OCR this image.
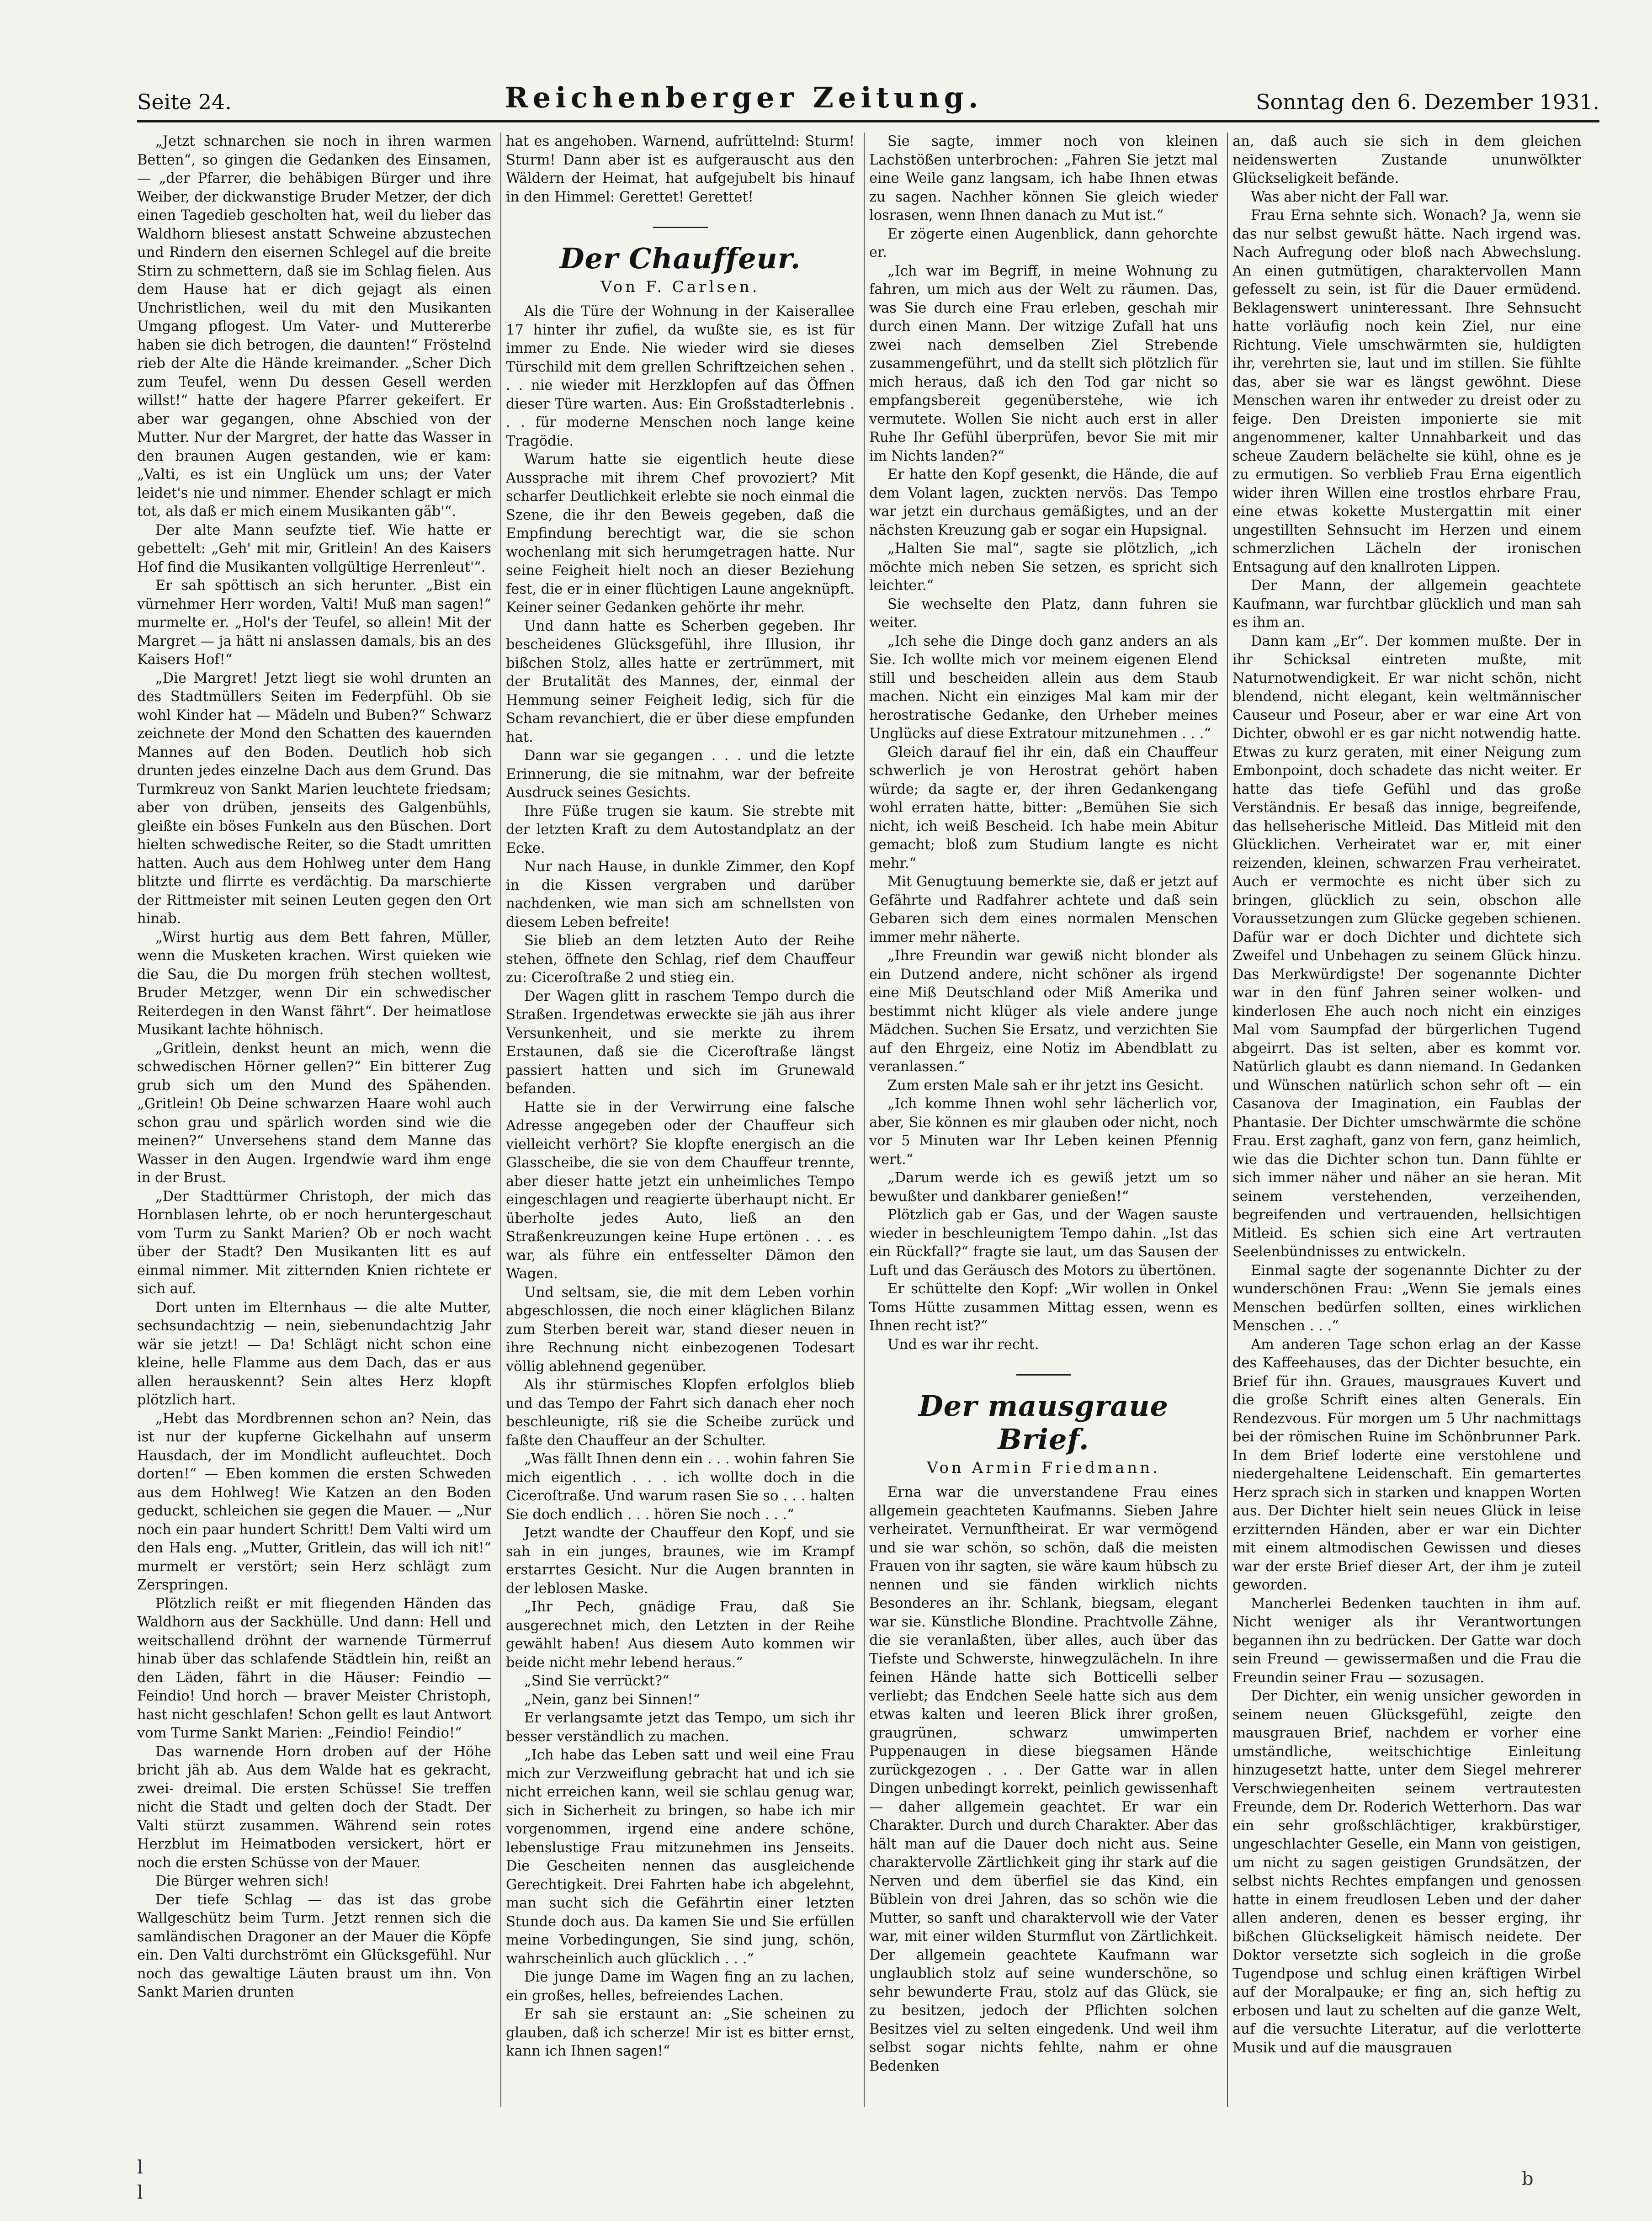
Seite 24.	Reichenberger Zeitung.	Sonntag den 6. Dezember 1931.

„Jetzt schnarchen sie noch in ihren warmen Betten“, so gingen die Gedanken des Einsamen, — „der Pfarrer, die behäbigen Bürger und ihre Weiber, der dickwanstige Bruder Metzer, der dich einen Tagedieb gescholten hat, weil du lieber das Waldhorn bliesest anstatt Schweine abzustechen und Rindern den eisernen Schlegel auf die breite Stirn zu schmettern, daß sie im Schlag fielen. Aus dem Hause hat er dich gejagt als einen Unchristlichen, weil du mit den Musikanten Umgang pflogest. Um Vater- und Muttererbe haben sie dich betrogen, die daunten!“ Fröstelnd rieb der Alte die Hände kreimander. „Scher Dich zum Teufel, wenn Du dessen Gesell werden willst!“ hatte der hagere Pfarrer gekeifert. Er aber war gegangen, ohne Abschied von der Mutter. Nur der Margret, der hatte das Wasser in den braunen Augen gestanden, wie er kam: „Valti, es ist ein Unglück um uns; der Vater leidet's nie und nimmer. Ehender schlagt er mich tot, als daß er mich einem Musikanten gäb'“.

Der alte Mann seufzte tief. Wie hatte er gebettelt: „Geh' mit mir, Gritlein! An des Kaisers Hof find die Musikanten vollgültige Herrenleut'“.

Er sah spöttisch an sich herunter. „Bist ein vürnehmer Herr worden, Valti! Muß man sagen!“ murmelte er. „Hol's der Teufel, so allein! Mit der Margret — ja hätt ni anslassen damals, bis an des Kaisers Hof!“

„Die Margret! Jetzt liegt sie wohl drunten an des Stadtmüllers Seiten im Federpfühl. Ob sie wohl Kinder hat — Mädeln und Buben?“ Schwarz zeichnete der Mond den Schatten des kauernden Mannes auf den Boden. Deutlich hob sich drunten jedes einzelne Dach aus dem Grund. Das Turmkreuz von Sankt Marien leuchtete friedsam; aber von drüben, jenseits des Galgenbühls, gleißte ein böses Funkeln aus den Büschen. Dort hielten schwedische Reiter, so die Stadt umritten hatten. Auch aus dem Hohlweg unter dem Hang blitzte und flirrte es verdächtig. Da marschierte der Rittmeister mit seinen Leuten gegen den Ort hinab.

„Wirst hurtig aus dem Bett fahren, Müller, wenn die Musketen krachen. Wirst quieken wie die Sau, die Du morgen früh stechen wolltest, Bruder Metzger, wenn Dir ein schwedischer Reiterdegen in den Wanst fährt“. Der heimatlose Musikant lachte höhnisch.

„Gritlein, denkst heunt an mich, wenn die schwedischen Hörner gellen?“ Ein bitterer Zug grub sich um den Mund des Spähenden. „Gritlein! Ob Deine schwarzen Haare wohl auch schon grau und spärlich worden sind wie die meinen?“ Unversehens stand dem Manne das Wasser in den Augen. Irgendwie ward ihm enge in der Brust.

„Der Stadttürmer Christoph, der mich das Hornblasen lehrte, ob er noch heruntergeschaut vom Turm zu Sankt Marien? Ob er noch wacht über der Stadt? Den Musikanten litt es auf einmal nimmer. Mit zitternden Knien richtete er sich auf.

Dort unten im Elternhaus — die alte Mutter, sechsundachtzig — nein, siebenundachtzig Jahr wär sie jetzt! — Da! Schlägt nicht schon eine kleine, helle Flamme aus dem Dach, das er aus allen herauskennt? Sein altes Herz klopft plötzlich hart.

„Hebt das Mordbrennen schon an? Nein, das ist nur der kupferne Gickelhahn auf unserm Hausdach, der im Mondlicht aufleuchtet. Doch dorten!“ — Eben kommen die ersten Schweden aus dem Hohlweg! Wie Katzen an den Boden geduckt, schleichen sie gegen die Mauer. — „Nur noch ein paar hundert Schritt! Dem Valti wird um den Hals eng. „Mutter, Gritlein, das will ich nit!“ murmelt er verstört; sein Herz schlägt zum Zerspringen.

Plötzlich reißt er mit fliegenden Händen das Waldhorn aus der Sackhülle. Und dann: Hell und weitschallend dröhnt der warnende Türmerruf hinab über das schlafende Städtlein hin, reißt an den Läden, fährt in die Häuser: Feindio — Feindio! Und horch — braver Meister Christoph, hast nicht geschlafen! Schon gellt es laut Antwort vom Turme Sankt Marien: „Feindio! Feindio!“

Das warnende Horn droben auf der Höhe bricht jäh ab. Aus dem Walde hat es gekracht, zwei- dreimal. Die ersten Schüsse! Sie treffen nicht die Stadt und gelten doch der Stadt. Der Valti stürzt zusammen. Während sein rotes Herzblut im Heimatboden versickert, hört er noch die ersten Schüsse von der Mauer.

Die Bürger wehren sich!

Der tiefe Schlag — das ist das grobe Wallgeschütz beim Turm. Jetzt rennen sich die samländischen Dragoner an der Mauer die Köpfe ein. Den Valti durchströmt ein Glücksgefühl. Nur noch das gewaltige Läuten braust um ihn. Von Sankt Marien drunten

hat es angehoben. Warnend, aufrüttelnd: Sturm! Sturm! Dann aber ist es aufgerauscht aus den Wäldern der Heimat, hat aufgejubelt bis hinauf in den Himmel: Gerettet! Gerettet!

Der Chauffeur.
Von F. Carlsen.

Als die Türe der Wohnung in der Kaiserallee 17 hinter ihr zufiel, da wußte sie, es ist für immer zu Ende. Nie wieder wird sie dieses Türschild mit dem grellen Schriftzeichen sehen . . . nie wieder mit Herzklopfen auf das Öffnen dieser Türe warten. Aus: Ein Großstadterlebnis . . . für moderne Menschen noch lange keine Tragödie.

Warum hatte sie eigentlich heute diese Aussprache mit ihrem Chef provoziert? Mit scharfer Deutlichkeit erlebte sie noch einmal die Szene, die ihr den Beweis gegeben, daß die Empfindung berechtigt war, die sie schon wochenlang mit sich herumgetragen hatte. Nur seine Feigheit hielt noch an dieser Beziehung fest, die er in einer flüchtigen Laune angeknüpft. Keiner seiner Gedanken gehörte ihr mehr.

Und dann hatte es Scherben gegeben. Ihr bescheidenes Glücksgefühl, ihre Illusion, ihr bißchen Stolz, alles hatte er zertrümmert, mit der Brutalität des Mannes, der, einmal der Hemmung seiner Feigheit ledig, sich für die Scham revanchiert, die er über diese empfunden hat.

Dann war sie gegangen . . . und die letzte Erinnerung, die sie mitnahm, war der befreite Ausdruck seines Gesichts.

Ihre Füße trugen sie kaum. Sie strebte mit der letzten Kraft zu dem Autostandplatz an der Ecke.

Nur nach Hause, in dunkle Zimmer, den Kopf in die Kissen vergraben und darüber nachdenken, wie man sich am schnellsten von diesem Leben befreite!

Sie blieb an dem letzten Auto der Reihe stehen, öffnete den Schlag, rief dem Chauffeur zu: Ciceroſtraße 2 und stieg ein.

Der Wagen glitt in raschem Tempo durch die Straßen. Irgendetwas erweckte sie jäh aus ihrer Versunkenheit, und sie merkte zu ihrem Erstaunen, daß sie die Ciceroſtraße längst passiert hatten und sich im Grunewald befanden.

Hatte sie in der Verwirrung eine falsche Adresse angegeben oder der Chauffeur sich vielleicht verhört? Sie klopfte energisch an die Glasscheibe, die sie von dem Chauffeur trennte, aber dieser hatte jetzt ein unheimliches Tempo eingeschlagen und reagierte überhaupt nicht. Er überholte jedes Auto, ließ an den Straßenkreuzungen keine Hupe ertönen . . . es war, als führe ein entfesselter Dämon den Wagen.

Und seltsam, sie, die mit dem Leben vorhin abgeschlossen, die noch einer kläglichen Bilanz zum Sterben bereit war, stand dieser neuen in ihre Rechnung nicht einbezogenen Todesart völlig ablehnend gegenüber.

Als ihr stürmisches Klopfen erfolglos blieb und das Tempo der Fahrt sich danach eher noch beschleunigte, riß sie die Scheibe zurück und faßte den Chauffeur an der Schulter.

„Was fällt Ihnen denn ein . . . wohin fahren Sie mich eigentlich . . . ich wollte doch in die Ciceroſtraße. Und warum rasen Sie so . . . halten Sie doch endlich . . . hören Sie noch . . .“

Jetzt wandte der Chauffeur den Kopf, und sie sah in ein junges, braunes, wie im Krampf erstarrtes Gesicht. Nur die Augen brannten in der leblosen Maske.

„Ihr Pech, gnädige Frau, daß Sie ausgerechnet mich, den Letzten in der Reihe gewählt haben! Aus diesem Auto kommen wir beide nicht mehr lebend heraus.“

„Sind Sie verrückt?“

„Nein, ganz bei Sinnen!“

Er verlangsamte jetzt das Tempo, um sich ihr besser verständlich zu machen.

„Ich habe das Leben satt und weil eine Frau mich zur Verzweiflung gebracht hat und ich sie nicht erreichen kann, weil sie schlau genug war, sich in Sicherheit zu bringen, so habe ich mir vorgenommen, irgend eine andere schöne, lebenslustige Frau mitzunehmen ins Jenseits. Die Gescheiten nennen das ausgleichende Gerechtigkeit. Drei Fahrten habe ich abgelehnt, man sucht sich die Gefährtin einer letzten Stunde doch aus. Da kamen Sie und Sie erfüllen meine Vorbedingungen, Sie sind jung, schön, wahrscheinlich auch glücklich . . .“

Die junge Dame im Wagen fing an zu lachen, ein großes, helles, befreiendes Lachen.

Er sah sie erstaunt an: „Sie scheinen zu glauben, daß ich scherze! Mir ist es bitter ernst, kann ich Ihnen sagen!“

Sie sagte, immer noch von kleinen Lachstößen unterbrochen: „Fahren Sie jetzt mal eine Weile ganz langsam, ich habe Ihnen etwas zu sagen. Nachher können Sie gleich wieder losrasen, wenn Ihnen danach zu Mut ist.“

Er zögerte einen Augenblick, dann gehorchte er.

„Ich war im Begriff, in meine Wohnung zu fahren, um mich aus der Welt zu räumen. Das, was Sie durch eine Frau erleben, geschah mir durch einen Mann. Der witzige Zufall hat uns zwei nach demselben Ziel Strebende zusammengeführt, und da stellt sich plötzlich für mich heraus, daß ich den Tod gar nicht so empfangsbereit gegenüberstehe, wie ich vermutete. Wollen Sie nicht auch erst in aller Ruhe Ihr Gefühl überprüfen, bevor Sie mit mir im Nichts landen?“

Er hatte den Kopf gesenkt, die Hände, die auf dem Volant lagen, zuckten nervös. Das Tempo war jetzt ein durchaus gemäßigtes, und an der nächsten Kreuzung gab er sogar ein Hupsignal.

„Halten Sie mal“, sagte sie plötzlich, „ich möchte mich neben Sie setzen, es spricht sich leichter.“

Sie wechselte den Platz, dann fuhren sie weiter.

„Ich sehe die Dinge doch ganz anders an als Sie. Ich wollte mich vor meinem eigenen Elend still und bescheiden allein aus dem Staub machen. Nicht ein einziges Mal kam mir der herostratische Gedanke, den Urheber meines Unglücks auf diese Extratour mitzunehmen . . .“

Gleich darauf fiel ihr ein, daß ein Chauffeur schwerlich je von Herostrat gehört haben würde; da sagte er, der ihren Gedankengang wohl erraten hatte, bitter: „Bemühen Sie sich nicht, ich weiß Bescheid. Ich habe mein Abitur gemacht; bloß zum Studium langte es nicht mehr.“

Mit Genugtuung bemerkte sie, daß er jetzt auf Gefährte und Radfahrer achtete und daß sein Gebaren sich dem eines normalen Menschen immer mehr näherte.

„Ihre Freundin war gewiß nicht blonder als ein Dutzend andere, nicht schöner als irgend eine Miß Deutschland oder Miß Amerika und bestimmt nicht klüger als viele andere junge Mädchen. Suchen Sie Ersatz, und verzichten Sie auf den Ehrgeiz, eine Notiz im Abendblatt zu veranlassen.“

Zum ersten Male sah er ihr jetzt ins Gesicht.

„Ich komme Ihnen wohl sehr lächerlich vor, aber, Sie können es mir glauben oder nicht, noch vor 5 Minuten war Ihr Leben keinen Pfennig wert.“

„Darum werde ich es gewiß jetzt um so bewußter und dankbarer genießen!“

Plötzlich gab er Gas, und der Wagen sauste wieder in beschleunigtem Tempo dahin. „Ist das ein Rückfall?“ fragte sie laut, um das Sausen der Luft und das Geräusch des Motors zu übertönen.

Er schüttelte den Kopf: „Wir wollen in Onkel Toms Hütte zusammen Mittag essen, wenn es Ihnen recht ist?“

Und es war ihr recht.

Der mausgraue Brief.
Von Armin Friedmann.

Erna war die unverstandene Frau eines allgemein geachteten Kaufmanns. Sieben Jahre verheiratet. Vernunftheirat. Er war vermögend und sie war schön, so schön, daß die meisten Frauen von ihr sagten, sie wäre kaum hübsch zu nennen und sie fänden wirklich nichts Besonderes an ihr. Schlank, biegsam, elegant war sie. Künstliche Blondine. Prachtvolle Zähne, die sie veranlaßten, über alles, auch über das Tiefste und Schwerste, hinwegzulächeln. In ihre feinen Hände hatte sich Botticelli selber verliebt; das Endchen Seele hatte sich aus dem etwas kalten und leeren Blick ihrer großen, graugrünen, schwarz umwimperten Puppenaugen in diese biegsamen Hände zurückgezogen . . . Der Gatte war in allen Dingen unbedingt korrekt, peinlich gewissenhaft — daher allgemein geachtet. Er war ein Charakter. Durch und durch Charakter. Aber das hält man auf die Dauer doch nicht aus. Seine charaktervolle Zärtlichkeit ging ihr stark auf die Nerven und dem überfiel sie das Kind, ein Büblein von drei Jahren, das so schön wie die Mutter, so sanft und charaktervoll wie der Vater war, mit einer wilden Sturmflut von Zärtlichkeit. Der allgemein geachtete Kaufmann war unglaublich stolz auf seine wunderschöne, so sehr bewunderte Frau, stolz auf das Glück, sie zu besitzen, jedoch der Pflichten solchen Besitzes viel zu selten eingedenk. Und weil ihm selbst sogar nichts fehlte, nahm er ohne Bedenken

an, daß auch sie sich in dem gleichen neidenswerten Zustande ununwölkter Glückseligkeit befände.

Was aber nicht der Fall war.

Frau Erna sehnte sich. Wonach? Ja, wenn sie das nur selbst gewußt hätte. Nach irgend was. Nach Aufregung oder bloß nach Abwechslung. An einen gutmütigen, charaktervollen Mann gefesselt zu sein, ist für die Dauer ermüdend. Beklagenswert uninteressant. Ihre Sehnsucht hatte vorläufig noch kein Ziel, nur eine Richtung. Viele umschwärmten sie, huldigten ihr, verehrten sie, laut und im stillen. Sie fühlte das, aber sie war es längst gewöhnt. Diese Menschen waren ihr entweder zu dreist oder zu feige. Den Dreisten imponierte sie mit angenommener, kalter Unnahbarkeit und das scheue Zaudern belächelte sie kühl, ohne es je zu ermutigen. So verblieb Frau Erna eigentlich wider ihren Willen eine trostlos ehrbare Frau, eine etwas kokette Mustergattin mit einer ungestillten Sehnsucht im Herzen und einem schmerzlichen Lächeln der ironischen Entsagung auf den knallroten Lippen.

Der Mann, der allgemein geachtete Kaufmann, war furchtbar glücklich und man sah es ihm an.

Dann kam „Er“. Der kommen mußte. Der in ihr Schicksal eintreten mußte, mit Naturnotwendigkeit. Er war nicht schön, nicht blendend, nicht elegant, kein weltmännischer Causeur und Poseur, aber er war eine Art von Dichter, obwohl er es gar nicht notwendig hatte. Etwas zu kurz geraten, mit einer Neigung zum Embonpoint, doch schadete das nicht weiter. Er hatte das tiefe Gefühl und das große Verständnis. Er besaß das innige, begreifende, das hellseherische Mitleid. Das Mitleid mit den Glücklichen. Verheiratet war er, mit einer reizenden, kleinen, schwarzen Frau verheiratet. Auch er vermochte es nicht über sich zu bringen, glücklich zu sein, obschon alle Voraussetzungen zum Glücke gegeben schienen. Dafür war er doch Dichter und dichtete sich Zweifel und Unbehagen zu seinem Glück hinzu. Das Merkwürdigste! Der sogenannte Dichter war in den fünf Jahren seiner wolken- und kinderlosen Ehe auch noch nicht ein einziges Mal vom Saumpfad der bürgerlichen Tugend abgeirrt. Das ist selten, aber es kommt vor. Natürlich glaubt es dann niemand. In Gedanken und Wünschen natürlich schon sehr oft — ein Casanova der Imagination, ein Faublas der Phantasie. Der Dichter umschwärmte die schöne Frau. Erst zaghaft, ganz von fern, ganz heimlich, wie das die Dichter schon tun. Dann fühlte er sich immer näher und näher an sie heran. Mit seinem verstehenden, verzeihenden, begreifenden und vertrauenden, hellsichtigen Mitleid. Es schien sich eine Art vertrauten Seelenbündnisses zu entwickeln.

Einmal sagte der sogenannte Dichter zu der wunderschönen Frau: „Wenn Sie jemals eines Menschen bedürfen sollten, eines wirklichen Menschen . . .“

Am anderen Tage schon erlag an der Kasse des Kaffeehauses, das der Dichter besuchte, ein Brief für ihn. Graues, mausgraues Kuvert und die große Schrift eines alten Generals. Ein Rendezvous. Für morgen um 5 Uhr nachmittags bei der römischen Ruine im Schönbrunner Park. In dem Brief loderte eine verstohlene und niedergehaltene Leidenschaft. Ein gemartertes Herz sprach sich in starken und knappen Worten aus. Der Dichter hielt sein neues Glück in leise erzitternden Händen, aber er war ein Dichter mit einem altmodischen Gewissen und dieses war der erste Brief dieser Art, der ihm je zuteil geworden.

Mancherlei Bedenken tauchten in ihm auf. Nicht weniger als ihr Verantwortungen begannen ihn zu bedrücken. Der Gatte war doch sein Freund — gewissermaßen und die Frau die Freundin seiner Frau — sozusagen.

Der Dichter, ein wenig unsicher geworden in seinem neuen Glücksgefühl, zeigte den mausgrauen Brief, nachdem er vorher eine umständliche, weitschichtige Einleitung hinzugesetzt hatte, unter dem Siegel mehrerer Verschwiegenheiten seinem vertrautesten Freunde, dem Dr. Roderich Wetterhorn. Das war ein sehr großschlächtiger, krakbürstiger, ungeschlachter Geselle, ein Mann von geistigen, um nicht zu sagen geistigen Grundsätzen, der selbst nichts Rechtes empfangen und genossen hatte in einem freudlosen Leben und der daher allen anderen, denen es besser erging, ihr bißchen Glückseligkeit hämisch neidete. Der Doktor versetzte sich sogleich in die große Tugendpose und schlug einen kräftigen Wirbel auf der Moralpauke; er fing an, sich heftig zu erbosen und laut zu schelten auf die ganze Welt, auf die versuchte Literatur, auf die verlotterte Musik und auf die mausgrauen

l
l
b
